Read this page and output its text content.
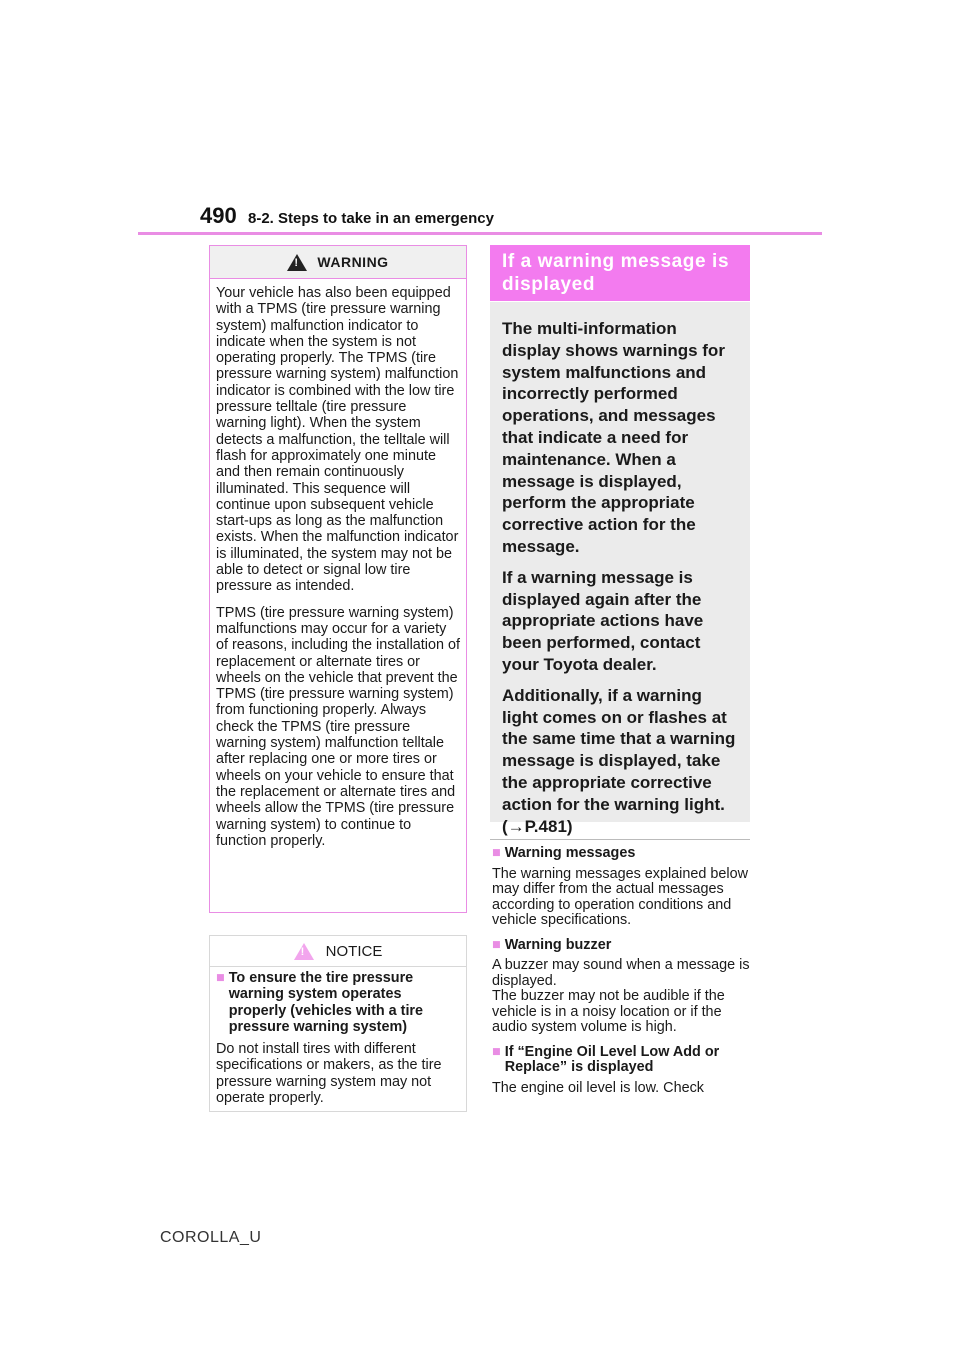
490 8-2. Steps to take in an emergency
!
WARNING

Your vehicle has also been equipped with a TPMS (tire pressure warning system) malfunction indicator to indicate when the system is not operating properly. The TPMS (tire pressure warning system) malfunction indicator is combined with the low tire pressure telltale (tire pressure warning light). When the system detects a malfunction, the telltale will flash for approximately one minute and then remain continuously illuminated. This sequence will continue upon subsequent vehicle start-ups as long as the malfunction exists. When the malfunction indicator is illuminated, the system may not be able to detect or signal low tire pressure as intended.

TPMS (tire pressure warning system) malfunctions may occur for a variety of reasons, including the installation of replacement or alternate tires or wheels on the vehicle that prevent the TPMS (tire pressure warning system) from functioning properly. Always check the TPMS (tire pressure warning system) malfunction telltale after replacing one or more tires or wheels on your vehicle to ensure that the replacement or alternate tires and wheels allow the TPMS (tire pressure warning system) to continue to function properly.

!
NOTICE
■ To ensure the tire pressure warning system operates properly (vehicles with a tire pressure warning system)

Do not install tires with different specifications or makers, as the tire pressure warning system may not operate properly.

If a warning message is displayed

The multi-information display shows warnings for system malfunctions and incorrectly performed operations, and messages that indicate a need for maintenance. When a message is displayed, perform the appropriate corrective action for the message.

If a warning message is displayed again after the appropriate actions have been performed, contact your Toyota dealer.

Additionally, if a warning light comes on or flashes at the same time that a warning message is displayed, take the appropriate corrective action for the warning light. (→P.481)

■ Warning messages

The warning messages explained below may differ from the actual messages according to operation conditions and vehicle specifications.

■ Warning buzzer

A buzzer may sound when a message is displayed.
The buzzer may not be audible if the vehicle is in a noisy location or if the audio system volume is high.

■ If “Engine Oil Level Low Add or Replace” is displayed

The engine oil level is low. Check

COROLLA_U
